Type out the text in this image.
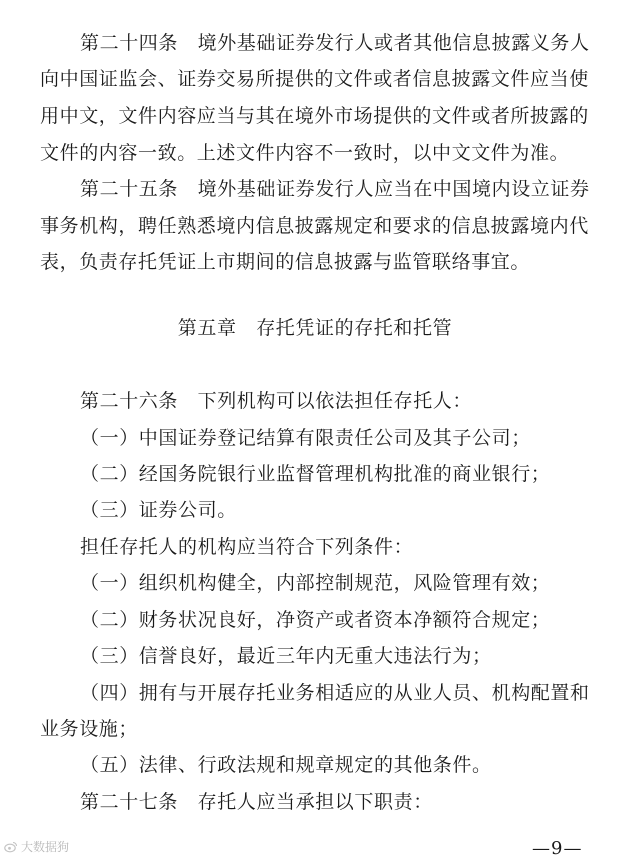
第二十四条　境外基础证券发行人或者其他信息披露义务人
向中国证监会、证券交易所提供的文件或者信息披露文件应当使
用中文，文件内容应当与其在境外市场提供的文件或者所披露的
文件的内容一致。上述文件内容不一致时，以中文文件为准。
第二十五条　境外基础证券发行人应当在中国境内设立证券
事务机构，聘任熟悉境内信息披露规定和要求的信息披露境内代
表，负责存托凭证上市期间的信息披露与监管联络事宜。
第五章　存托凭证的存托和托管
第二十六条　下列机构可以依法担任存托人：
（一）中国证券登记结算有限责任公司及其子公司；
（二）经国务院银行业监督管理机构批准的商业银行；
（三）证券公司。
担任存托人的机构应当符合下列条件：
（一）组织机构健全，内部控制规范，风险管理有效；
（二）财务状况良好，净资产或者资本净额符合规定；
（三）信誉良好，最近三年内无重大违法行为；
（四）拥有与开展存托业务相适应的从业人员、机构配置和
业务设施；
（五）法律、行政法规和规章规定的其他条件。
第二十七条　存托人应当承担以下职责：
大数据狗	—9—
